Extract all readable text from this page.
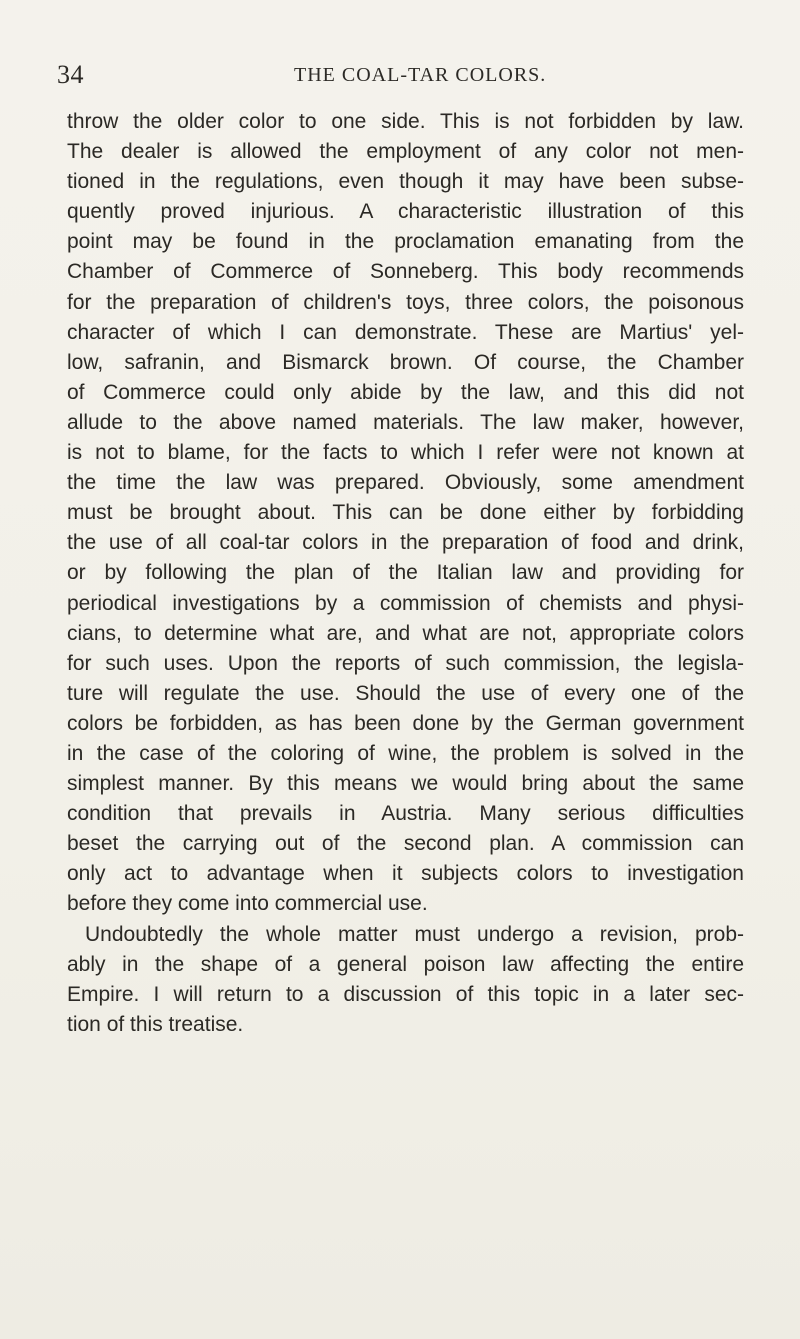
34	THE COAL-TAR COLORS.
throw the older color to one side. This is not forbidden by law.
The dealer is allowed the employment of any color not men-
tioned in the regulations, even though it may have been subse-
quently proved injurious. A characteristic illustration of this
point may be found in the proclamation emanating from the
Chamber of Commerce of Sonneberg. This body recommends
for the preparation of children's toys, three colors, the poisonous
character of which I can demonstrate. These are Martius' yel-
low, safranin, and Bismarck brown. Of course, the Chamber
of Commerce could only abide by the law, and this did not
allude to the above named materials. The law maker, however,
is not to blame, for the facts to which I refer were not known at
the time the law was prepared. Obviously, some amendment
must be brought about. This can be done either by forbidding
the use of all coal-tar colors in the preparation of food and drink,
or by following the plan of the Italian law and providing for
periodical investigations by a commission of chemists and physi-
cians, to determine what are, and what are not, appropriate colors
for such uses. Upon the reports of such commission, the legisla-
ture will regulate the use. Should the use of every one of the
colors be forbidden, as has been done by the German government
in the case of the coloring of wine, the problem is solved in the
simplest manner. By this means we would bring about the same
condition that prevails in Austria. Many serious difficulties
beset the carrying out of the second plan. A commission can
only act to advantage when it subjects colors to investigation
before they come into commercial use.
Undoubtedly the whole matter must undergo a revision, prob-
ably in the shape of a general poison law affecting the entire
Empire. I will return to a discussion of this topic in a later sec-
tion of this treatise.
